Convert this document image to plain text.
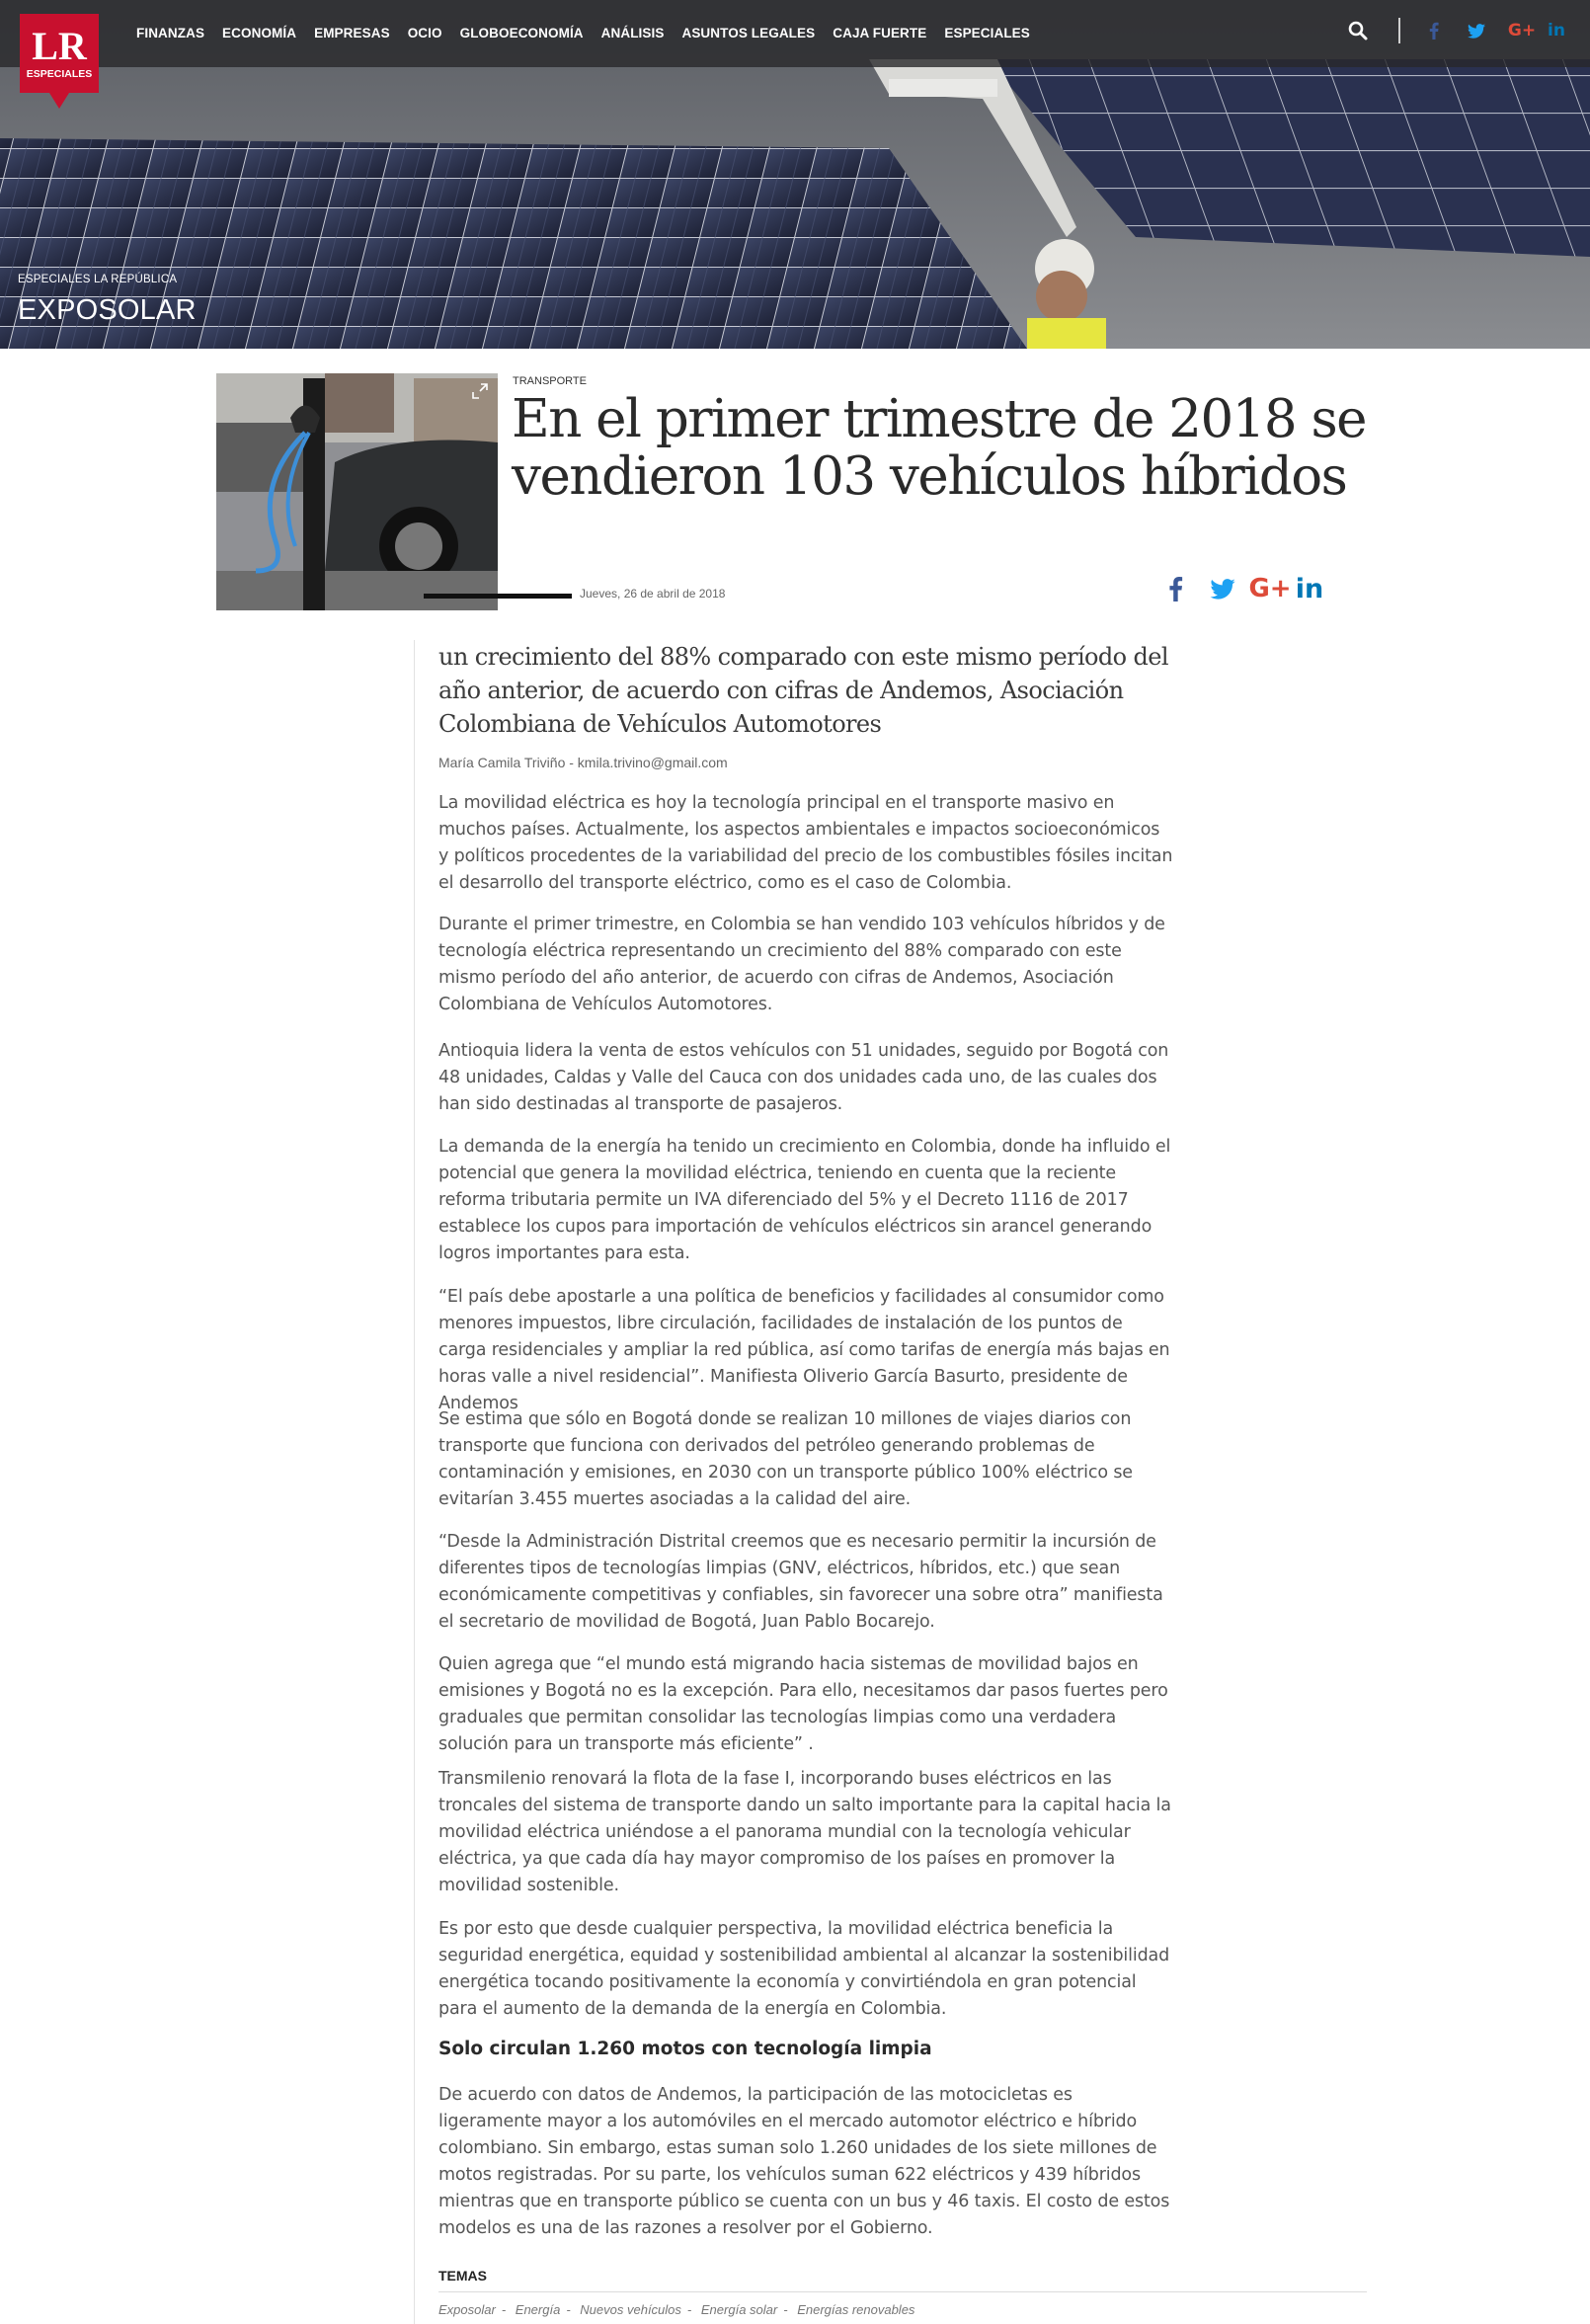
LR
ESPECIALES
FINANZAS ECONOMÍA EMPRESAS OCIO GLOBOECONOMÍA ANÁLISIS ASUNTOS LEGALES CAJA FUERTE ESPECIALES	G+ in
ESPECIALES LA REPÚBLICA
EXPOSOLAR
TRANSPORTE
En el primer trimestre de 2018 se vendieron 103 vehículos híbridos
Jueves, 26 de abril de 2018	G+ in

un crecimiento del 88% comparado con este mismo período del año anterior, de acuerdo con cifras de Andemos, Asociación Colombiana de Vehículos Automotores

María Camila Triviño - kmila.trivino@gmail.com

La movilidad eléctrica es hoy la tecnología principal en el transporte masivo en muchos países. Actualmente, los aspectos ambientales e impactos socioeconómicos y políticos procedentes de la variabilidad del precio de los combustibles fósiles incitan el desarrollo del transporte eléctrico, como es el caso de Colombia.

Durante el primer trimestre, en Colombia se han vendido 103 vehículos híbridos y de tecnología eléctrica representando un crecimiento del 88% comparado con este mismo período del año anterior, de acuerdo con cifras de Andemos, Asociación Colombiana de Vehículos Automotores.

Antioquia lidera la venta de estos vehículos con 51 unidades, seguido por Bogotá con 48 unidades, Caldas y Valle del Cauca con dos unidades cada uno, de las cuales dos han sido destinadas al transporte de pasajeros.

La demanda de la energía ha tenido un crecimiento en Colombia, donde ha influido el potencial que genera la movilidad eléctrica, teniendo en cuenta que la reciente reforma tributaria permite un IVA diferenciado del 5% y el Decreto 1116 de 2017 establece los cupos para importación de vehículos eléctricos sin arancel generando logros importantes para esta.

“El país debe apostarle a una política de beneficios y facilidades al consumidor como menores impuestos, libre circulación, facilidades de instalación de los puntos de carga residenciales y ampliar la red pública, así como tarifas de energía más bajas en horas valle a nivel residencial”. Manifiesta Oliverio García Basurto, presidente de Andemos

Se estima que sólo en Bogotá donde se realizan 10 millones de viajes diarios con transporte que funciona con derivados del petróleo generando problemas de contaminación y emisiones, en 2030 con un transporte público 100% eléctrico se evitarían 3.455 muertes asociadas a la calidad del aire.

“Desde la Administración Distrital creemos que es necesario permitir la incursión de diferentes tipos de tecnologías limpias (GNV, eléctricos, híbridos, etc.) que sean económicamente competitivas y confiables, sin favorecer una sobre otra” manifiesta el secretario de movilidad de Bogotá, Juan Pablo Bocarejo.

Quien agrega que “el mundo está migrando hacia sistemas de movilidad bajos en emisiones y Bogotá no es la excepción. Para ello, necesitamos dar pasos fuertes pero graduales que permitan consolidar las tecnologías limpias como una verdadera solución para un transporte más eficiente” .

Transmilenio renovará la flota de la fase I, incorporando buses eléctricos en las troncales del sistema de transporte dando un salto importante para la capital hacia la movilidad eléctrica uniéndose a el panorama mundial con la tecnología vehicular eléctrica, ya que cada día hay mayor compromiso de los países en promover la movilidad sostenible.

Es por esto que desde cualquier perspectiva, la movilidad eléctrica beneficia la seguridad energética, equidad y sostenibilidad ambiental al alcanzar la sostenibilidad energética tocando positivamente la economía y convirtiéndola en gran potencial para el aumento de la demanda de la energía en Colombia.

Solo circulan 1.260 motos con tecnología limpia

De acuerdo con datos de Andemos, la participación de las motocicletas es ligeramente mayor a los automóviles en el mercado automotor eléctrico e híbrido colombiano. Sin embargo, estas suman solo 1.260 unidades de los siete millones de motos registradas. Por su parte, los vehículos suman 622 eléctricos y 439 híbridos mientras que en transporte público se cuenta con un bus y 46 taxis. El costo de estos modelos es una de las razones a resolver por el Gobierno.

TEMAS
Exposolar - Energía - Nuevos vehículos - Energía solar - Energías renovables
